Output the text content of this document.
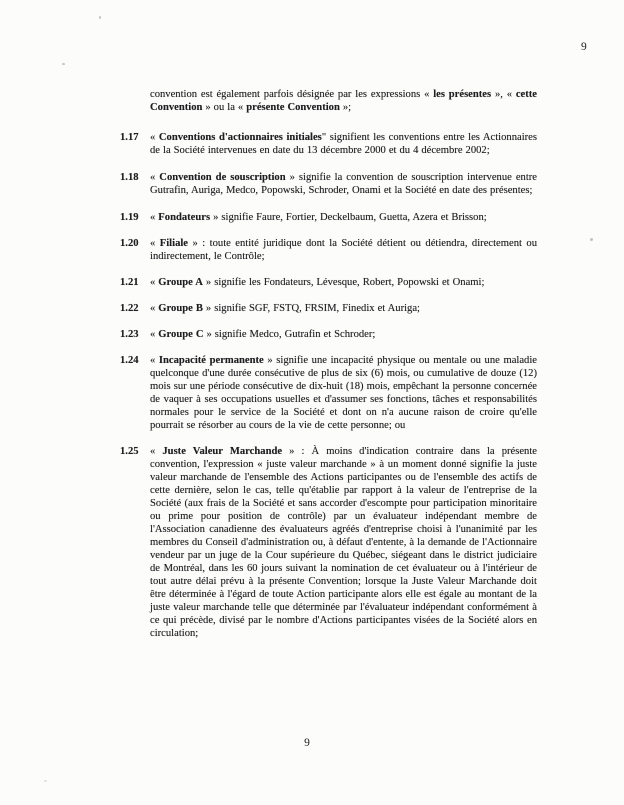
9

convention est également parfois désignée par les expressions « les présentes », « cette Convention » ou la « présente Convention »;

1.17	« Conventions d'actionnaires initiales" signifient les conventions entre les Actionnaires de la Société intervenues en date du 13 décembre 2000 et du 4 décembre 2002;

1.18	« Convention de souscription » signifie la convention de souscription intervenue entre Gutrafin, Auriga, Medco, Popowski, Schroder, Onami et la Société en date des présentes;

1.19	« Fondateurs » signifie Faure, Fortier, Deckelbaum, Guetta, Azera et Brisson;

1.20	« Filiale » : toute entité juridique dont la Société détient ou détiendra, directement ou indirectement, le Contrôle;

1.21	« Groupe A » signifie les Fondateurs, Lévesque, Robert, Popowski et Onami;

1.22	« Groupe B » signifie SGF, FSTQ, FRSIM, Finedix et Auriga;

1.23	« Groupe C » signifie Medco, Gutrafin et Schroder;

1.24	« Incapacité permanente » signifie une incapacité physique ou mentale ou une maladie quelconque d'une durée consécutive de plus de six (6) mois, ou cumulative de douze (12) mois sur une période consécutive de dix-huit (18) mois, empêchant la personne concernée de vaquer à ses occupations usuelles et d'assumer ses fonctions, tâches et responsabilités normales pour le service de la Société et dont on n'a aucune raison de croire qu'elle pourrait se résorber au cours de la vie de cette personne; ou

1.25	« Juste Valeur Marchande » : À moins d'indication contraire dans la présente convention, l'expression « juste valeur marchande » à un moment donné signifie la juste valeur marchande de l'ensemble des Actions participantes ou de l'ensemble des actifs de cette dernière, selon le cas, telle qu'établie par rapport à la valeur de l'entreprise de la Société (aux frais de la Société et sans accorder d'escompte pour participation minoritaire ou prime pour position de contrôle) par un évaluateur indépendant membre de l'Association canadienne des évaluateurs agréés d'entreprise choisi à l'unanimité par les membres du Conseil d'administration ou, à défaut d'entente, à la demande de l'Actionnaire vendeur par un juge de la Cour supérieure du Québec, siégeant dans le district judiciaire de Montréal, dans les 60 jours suivant la nomination de cet évaluateur ou à l'intérieur de tout autre délai prévu à la présente Convention; lorsque la Juste Valeur Marchande doit être déterminée à l'égard de toute Action participante alors elle est égale au montant de la juste valeur marchande telle que déterminée par l'évaluateur indépendant conformément à ce qui précède, divisé par le nombre d'Actions participantes visées de la Société alors en circulation;

9
